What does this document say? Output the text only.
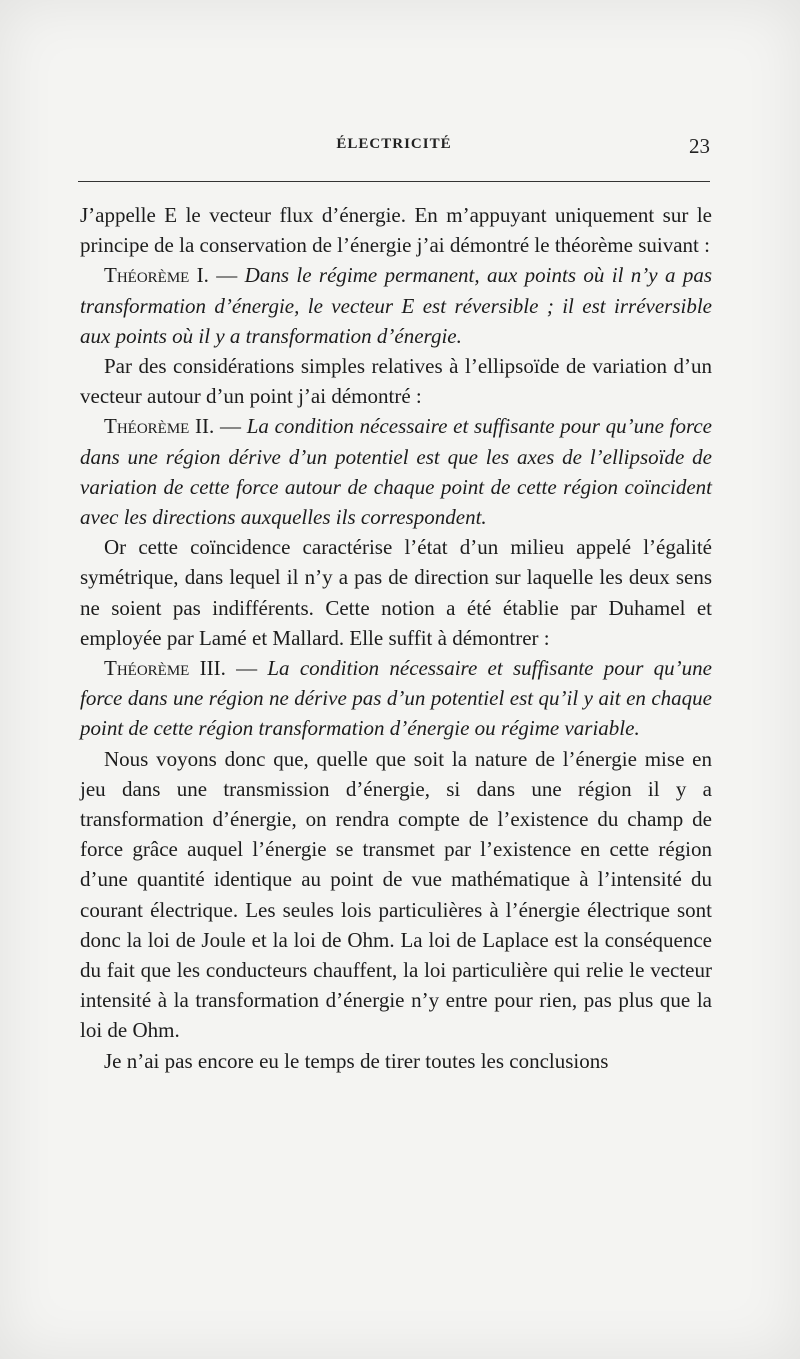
ÉLECTRICITÉ	23

J’appelle E le vecteur flux d’énergie. En m’appuyant uniquement sur le principe de la conservation de l’énergie j’ai démontré le théorème suivant :

Théorème I. — Dans le régime permanent, aux points où il n’y a pas transformation d’énergie, le vecteur E est réversible ; il est irréversible aux points où il y a transformation d’énergie.

Par des considérations simples relatives à l’ellipsoïde de variation d’un vecteur autour d’un point j’ai démontré :

Théorème II. — La condition nécessaire et suffisante pour qu’une force dans une région dérive d’un potentiel est que les axes de l’ellipsoïde de variation de cette force autour de chaque point de cette région coïncident avec les directions auxquelles ils correspondent.

Or cette coïncidence caractérise l’état d’un milieu appelé l’égalité symétrique, dans lequel il n’y a pas de direction sur laquelle les deux sens ne soient pas indifférents. Cette notion a été établie par Duhamel et employée par Lamé et Mallard. Elle suffit à démontrer :

Théorème III. — La condition nécessaire et suffisante pour qu’une force dans une région ne dérive pas d’un potentiel est qu’il y ait en chaque point de cette région transformation d’énergie ou régime variable.

Nous voyons donc que, quelle que soit la nature de l’énergie mise en jeu dans une transmission d’énergie, si dans une région il y a transformation d’énergie, on rendra compte de l’existence du champ de force grâce auquel l’énergie se transmet par l’existence en cette région d’une quantité identique au point de vue mathématique à l’intensité du courant électrique. Les seules lois particulières à l’énergie électrique sont donc la loi de Joule et la loi de Ohm. La loi de Laplace est la conséquence du fait que les conducteurs chauffent, la loi particulière qui relie le vecteur intensité à la transformation d’énergie n’y entre pour rien, pas plus que la loi de Ohm.

Je n’ai pas encore eu le temps de tirer toutes les conclusions
